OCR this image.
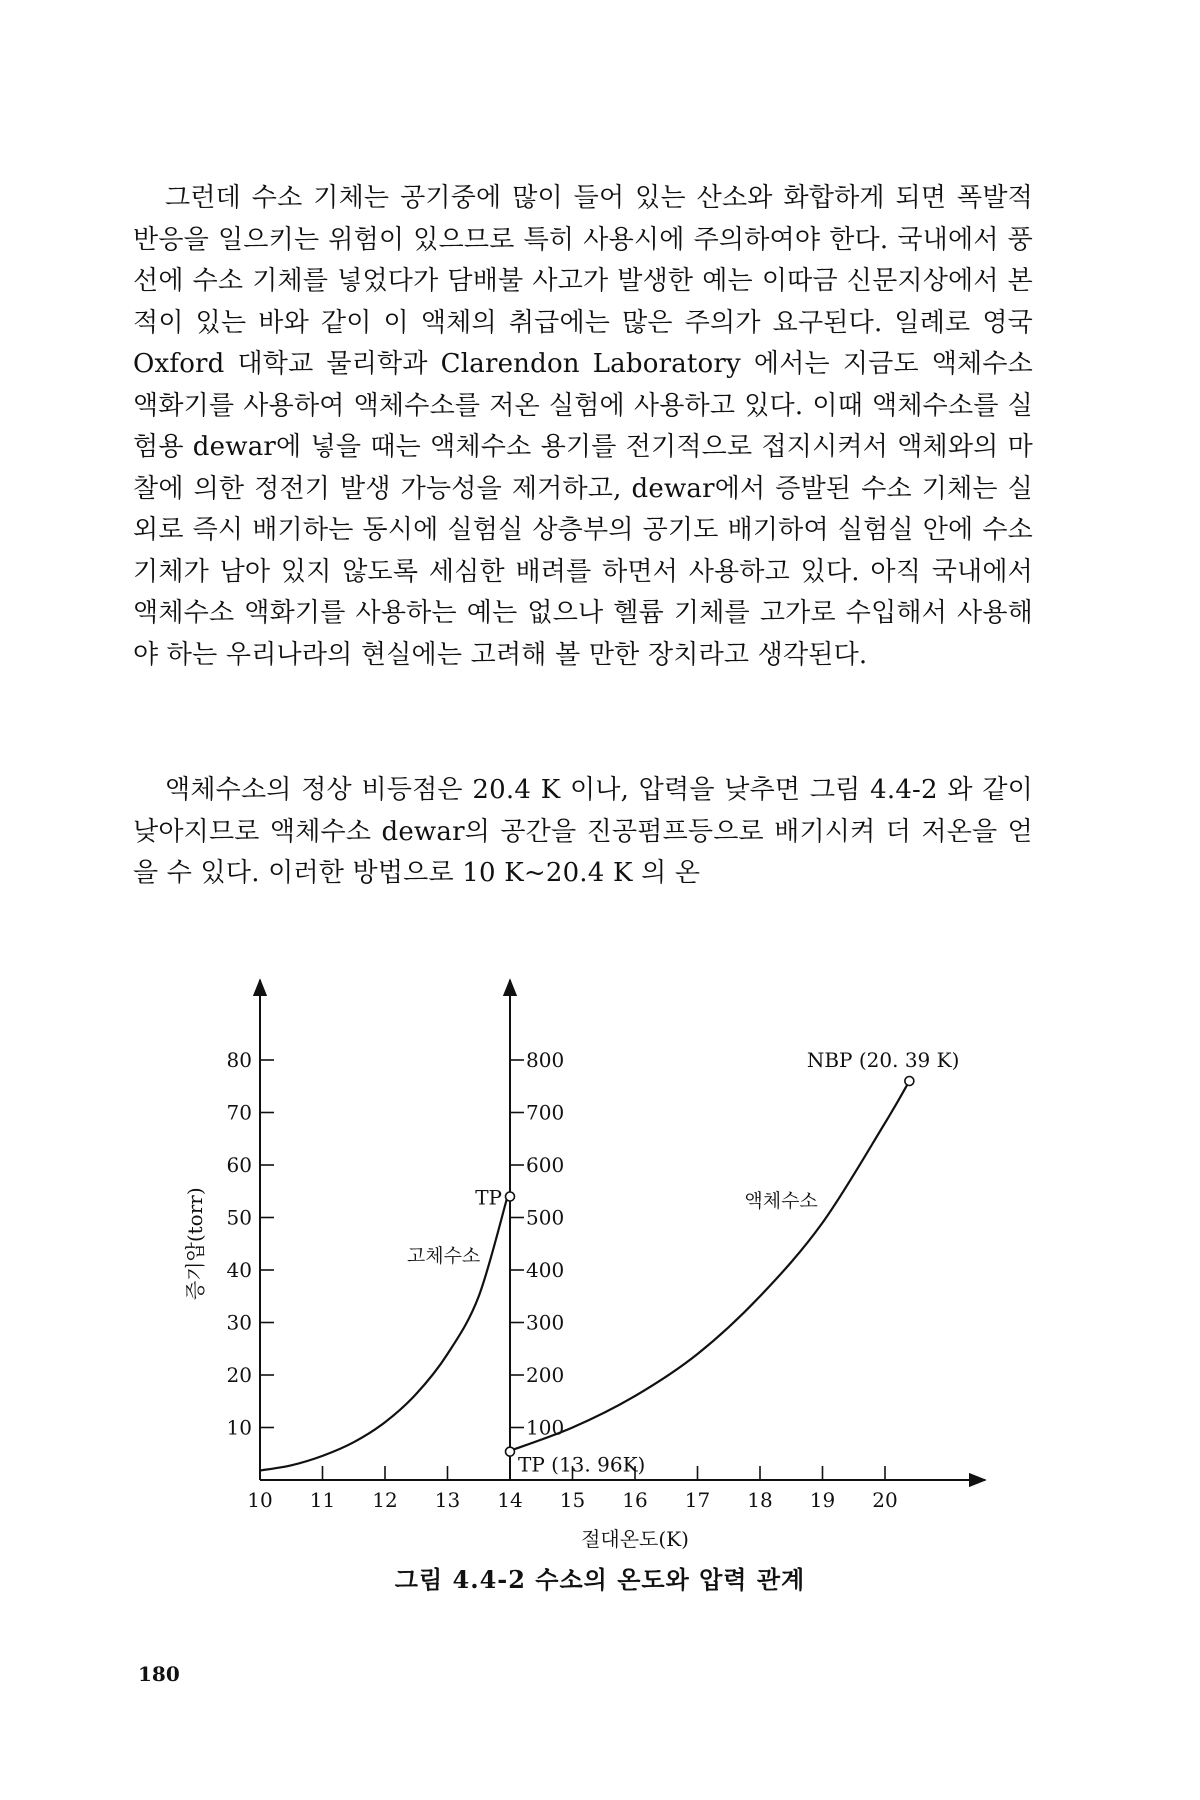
그런데 수소 기체는 공기중에 많이 들어 있는 산소와 화합하게 되면 폭발적 반응을 일으키는 위험이 있으므로 특히 사용시에 주의하여야 한다. 국내에서 풍선에 수소 기체를 넣었다가 담배불 사고가 발생한 예는 이따금 신문지상에서 본 적이 있는 바와 같이 이 액체의 취급에는 많은 주의가 요구된다. 일례로 영국 Oxford 대학교 물리학과 Clarendon Laboratory 에서는 지금도 액체수소 액화기를 사용하여 액체수소를 저온 실험에 사용하고 있다. 이때 액체수소를 실험용 dewar에 넣을 때는 액체수소 용기를 전기적으로 접지시켜서 액체와의 마찰에 의한 정전기 발생 가능성을 제거하고, dewar에서 증발된 수소 기체는 실외로 즉시 배기하는 동시에 실험실 상층부의 공기도 배기하여 실험실 안에 수소 기체가 남아 있지 않도록 세심한 배려를 하면서 사용하고 있다. 아직 국내에서 액체수소 액화기를 사용하는 예는 없으나 헬륨 기체를 고가로 수입해서 사용해야 하는 우리나라의 현실에는 고려해 볼 만한 장치라고 생각된다.

액체수소의 정상 비등점은 20.4 K 이나, 압력을 낮추면 그림 4.4-2 와 같이 낮아지므로 액체수소 dewar의 공간을 진공펌프등으로 배기시켜 더 저온을 얻을 수 있다. 이러한 방법으로 10 K~20.4 K 의 온

10 11 12 13 14 15 16 17 18 19 20
10
20
30
40
50
60
70
80
100
200
300
400
500
600
700
800
TP
TP (13. 96K)
NBP (20. 39 K)
고체수소
액체수소
절대온도(K)
증기압(torr)
그림 4.4-2 수소의 온도와 압력 관계
180
